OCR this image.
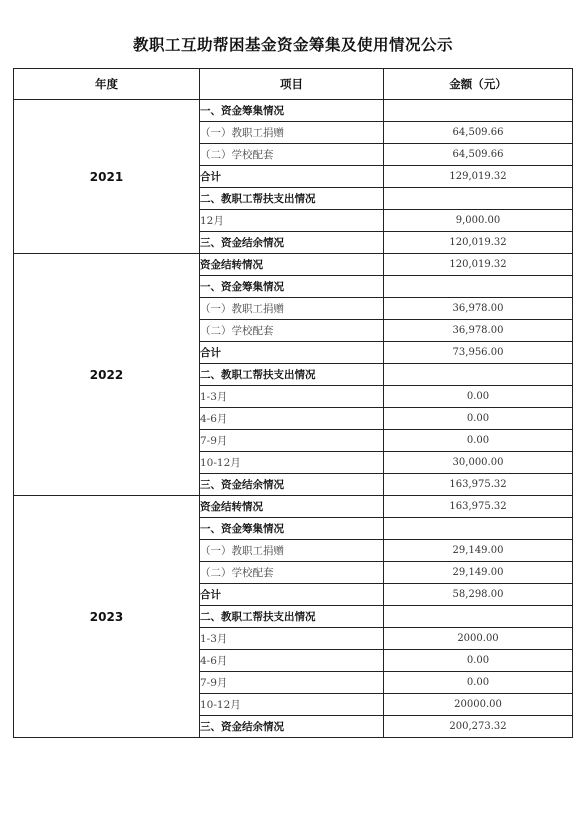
教职工互助帮困基金资金筹集及使用情况公示
年度	项目	金额（元）
2021	一、资金筹集情况	
	（一）教职工捐赠	64,509.66
	（二）学校配套	64,509.66
	合计	129,019.32
	二、教职工帮扶支出情况	
	12月	9,000.00
	三、资金结余情况	120,019.32
2022	资金结转情况	120,019.32
	一、资金筹集情况	
	（一）教职工捐赠	36,978.00
	（二）学校配套	36,978.00
	合计	73,956.00
	二、教职工帮扶支出情况	
	1-3月	0.00
	4-6月	0.00
	7-9月	0.00
	10-12月	30,000.00
	三、资金结余情况	163,975.32
2023	资金结转情况	163,975.32
	一、资金筹集情况	
	（一）教职工捐赠	29,149.00
	（二）学校配套	29,149.00
	合计	58,298.00
	二、教职工帮扶支出情况	
	1-3月	2000.00
	4-6月	0.00
	7-9月	0.00
	10-12月	20000.00
	三、资金结余情况	200,273.32
